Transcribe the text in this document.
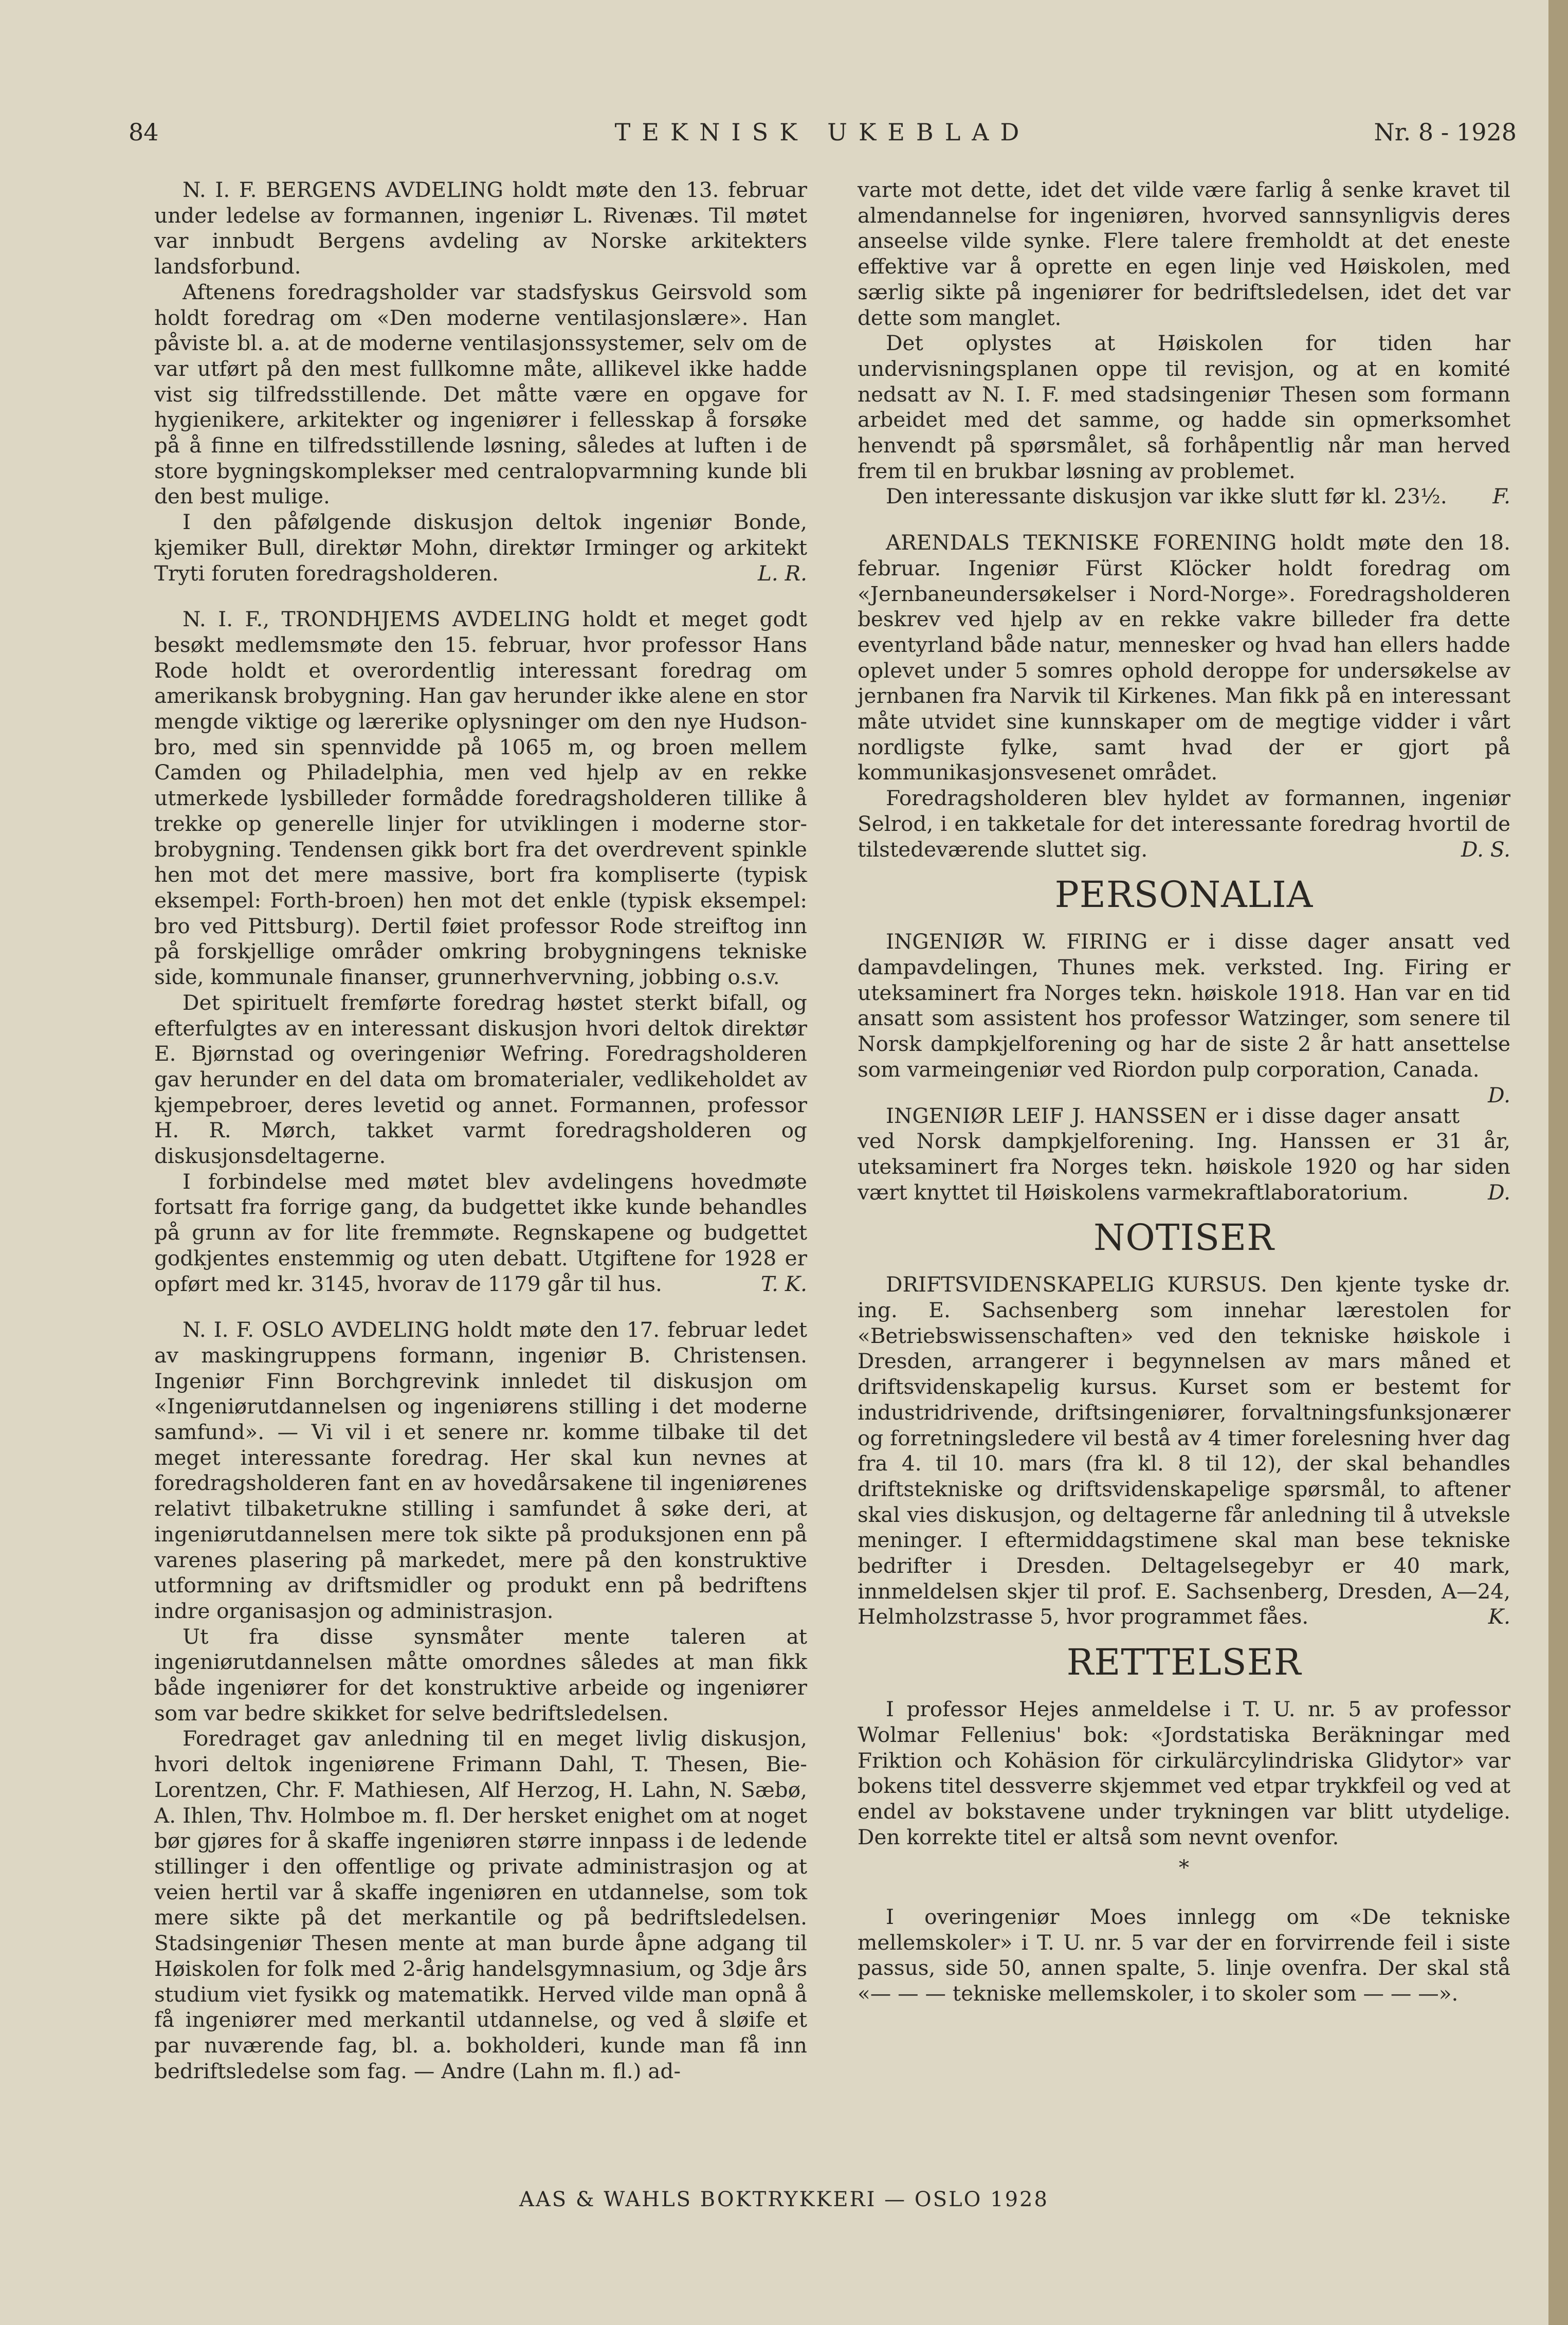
84	TEKNISK UKEBLAD	Nr. 8 - 1928

N. I. F. BERGENS AVDELING holdt møte den 13. februar under ledelse av formannen, ingeniør L. Rivenæs. Til møtet var innbudt Bergens avdeling av Norske arkitekters landsforbund.

Aftenens foredragsholder var stadsfyskus Geirsvold som holdt foredrag om «Den moderne ventilasjonslære». Han påviste bl. a. at de moderne ventilasjonssystemer, selv om de var utført på den mest fullkomne måte, allikevel ikke hadde vist sig tilfredsstillende. Det måtte være en opgave for hygienikere, arkitekter og ingeniører i fellesskap å forsøke på å finne en tilfredsstillende løsning, således at luften i de store bygningskomplekser med centralopvarmning kunde bli den best mulige.

I den påfølgende diskusjon deltok ingeniør Bonde, kjemiker Bull, direktør Mohn, direktør Irminger og arkitekt Tryti foruten foredragsholderen.	L. R.

N. I. F., TRONDHJEMS AVDELING holdt et meget godt besøkt medlemsmøte den 15. februar, hvor professor Hans Rode holdt et overordentlig interessant foredrag om amerikansk brobygning. Han gav herunder ikke alene en stor mengde viktige og lærerike oplysninger om den nye Hudson-bro, med sin spennvidde på 1065 m, og broen mellem Camden og Philadelphia, men ved hjelp av en rekke utmerkede lysbilleder formådde foredragsholderen tillike å trekke op generelle linjer for utviklingen i moderne stor-brobygning. Tendensen gikk bort fra det overdrevent spinkle hen mot det mere massive, bort fra kompliserte (typisk eksempel: Forth-broen) hen mot det enkle (typisk eksempel: bro ved Pittsburg). Dertil føiet professor Rode streiftog inn på forskjellige områder omkring brobygningens tekniske side, kommunale finanser, grunnerhvervning, jobbing o.s.v.

Det spirituelt fremførte foredrag høstet sterkt bifall, og efterfulgtes av en interessant diskusjon hvori deltok direktør E. Bjørnstad og overingeniør Wefring. Foredragsholderen gav herunder en del data om bromaterialer, vedlikeholdet av kjempebroer, deres levetid og annet. Formannen, professor H. R. Mørch, takket varmt foredragsholderen og diskusjonsdeltagerne.

I forbindelse med møtet blev avdelingens hovedmøte fortsatt fra forrige gang, da budgettet ikke kunde behandles på grunn av for lite fremmøte. Regnskapene og budgettet godkjentes enstemmig og uten debatt. Utgiftene for 1928 er opført med kr. 3145, hvorav de 1179 går til hus.	T. K.

N. I. F. OSLO AVDELING holdt møte den 17. februar ledet av maskingruppens formann, ingeniør B. Christensen. Ingeniør Finn Borchgrevink innledet til diskusjon om «Ingeniørutdannelsen og ingeniørens stilling i det moderne samfund». — Vi vil i et senere nr. komme tilbake til det meget interessante foredrag. Her skal kun nevnes at foredragsholderen fant en av hovedårsakene til ingeniørenes relativt tilbaketrukne stilling i samfundet å søke deri, at ingeniørutdannelsen mere tok sikte på produksjonen enn på varenes plasering på markedet, mere på den konstruktive utformning av driftsmidler og produkt enn på bedriftens indre organisasjon og administrasjon.

Ut fra disse synsmåter mente taleren at ingeniørutdannelsen måtte omordnes således at man fikk både ingeniører for det konstruktive arbeide og ingeniører som var bedre skikket for selve bedriftsledelsen.

Foredraget gav anledning til en meget livlig diskusjon, hvori deltok ingeniørene Frimann Dahl, T. Thesen, Bie-Lorentzen, Chr. F. Mathiesen, Alf Herzog, H. Lahn, N. Sæbø, A. Ihlen, Thv. Holmboe m. fl. Der hersket enighet om at noget bør gjøres for å skaffe ingeniøren større innpass i de ledende stillinger i den offentlige og private administrasjon og at veien hertil var å skaffe ingeniøren en utdannelse, som tok mere sikte på det merkantile og på bedriftsledelsen. Stadsingeniør Thesen mente at man burde åpne adgang til Høiskolen for folk med 2-årig handelsgymnasium, og 3dje års studium viet fysikk og matematikk. Herved vilde man opnå å få ingeniører med merkantil utdannelse, og ved å sløife et par nuværende fag, bl. a. bokholderi, kunde man få inn bedriftsledelse som fag. — Andre (Lahn m. fl.) ad-

varte mot dette, idet det vilde være farlig å senke kravet til almendannelse for ingeniøren, hvorved sannsynligvis deres anseelse vilde synke. Flere talere fremholdt at det eneste effektive var å oprette en egen linje ved Høiskolen, med særlig sikte på ingeniører for bedriftsledelsen, idet det var dette som manglet.

Det oplystes at Høiskolen for tiden har undervisningsplanen oppe til revisjon, og at en komité nedsatt av N. I. F. med stadsingeniør Thesen som formann arbeidet med det samme, og hadde sin opmerksomhet henvendt på spørsmålet, så forhåpentlig når man herved frem til en brukbar løsning av problemet.

Den interessante diskusjon var ikke slutt før kl. 23½.	F.

ARENDALS TEKNISKE FORENING holdt møte den 18. februar. Ingeniør Fürst Klöcker holdt foredrag om «Jernbaneundersøkelser i Nord-Norge». Foredragsholderen beskrev ved hjelp av en rekke vakre billeder fra dette eventyrland både natur, mennesker og hvad han ellers hadde oplevet under 5 somres ophold deroppe for undersøkelse av jernbanen fra Narvik til Kirkenes. Man fikk på en interessant måte utvidet sine kunnskaper om de megtige vidder i vårt nordligste fylke, samt hvad der er gjort på kommunikasjonsvesenet området.

Foredragsholderen blev hyldet av formannen, ingeniør Selrod, i en takketale for det interessante foredrag hvortil de tilstedeværende sluttet sig.	D. S.

PERSONALIA

INGENIØR W. FIRING er i disse dager ansatt ved dampavdelingen, Thunes mek. verksted. Ing. Firing er uteksaminert fra Norges tekn. høiskole 1918. Han var en tid ansatt som assistent hos professor Watzinger, som senere til Norsk dampkjelforening og har de siste 2 år hatt ansettelse som varmeingeniør ved Riordon pulp corporation, Canada.
D.

INGENIØR LEIF J. HANSSEN er i disse dager ansatt ved Norsk dampkjelforening. Ing. Hanssen er 31 år, uteksaminert fra Norges tekn. høiskole 1920 og har siden vært knyttet til Høiskolens varmekraftlaboratorium.	D.

NOTISER

DRIFTSVIDENSKAPELIG KURSUS. Den kjente tyske dr. ing. E. Sachsenberg som innehar lærestolen for «Betriebswissenschaften» ved den tekniske høiskole i Dresden, arrangerer i begynnelsen av mars måned et driftsvidenskapelig kursus. Kurset som er bestemt for industridrivende, driftsingeniører, forvaltningsfunksjonærer og forretningsledere vil bestå av 4 timer forelesning hver dag fra 4. til 10. mars (fra kl. 8 til 12), der skal behandles driftstekniske og driftsvidenskapelige spørsmål, to aftener skal vies diskusjon, og deltagerne får anledning til å utveksle meninger. I eftermiddagstimene skal man bese tekniske bedrifter i Dresden. Deltagelsegebyr er 40 mark, innmeldelsen skjer til prof. E. Sachsenberg, Dresden, A—24, Helmholzstrasse 5, hvor programmet fåes.	K.

RETTELSER

I professor Hejes anmeldelse i T. U. nr. 5 av professor Wolmar Fellenius' bok: «Jordstatiska Beräkningar med Friktion och Kohäsion för cirkulärcylindriska Glidytor» var bokens titel dessverre skjemmet ved etpar trykkfeil og ved at endel av bokstavene under trykningen var blitt utydelige. Den korrekte titel er altså som nevnt ovenfor.

*

I overingeniør Moes innlegg om «De tekniske mellemskoler» i T. U. nr. 5 var der en forvirrende feil i siste passus, side 50, annen spalte, 5. linje ovenfra. Der skal stå «— — — tekniske mellemskoler, i to skoler som — — —».

AAS & WAHLS BOKTRYKKERI — OSLO 1928
